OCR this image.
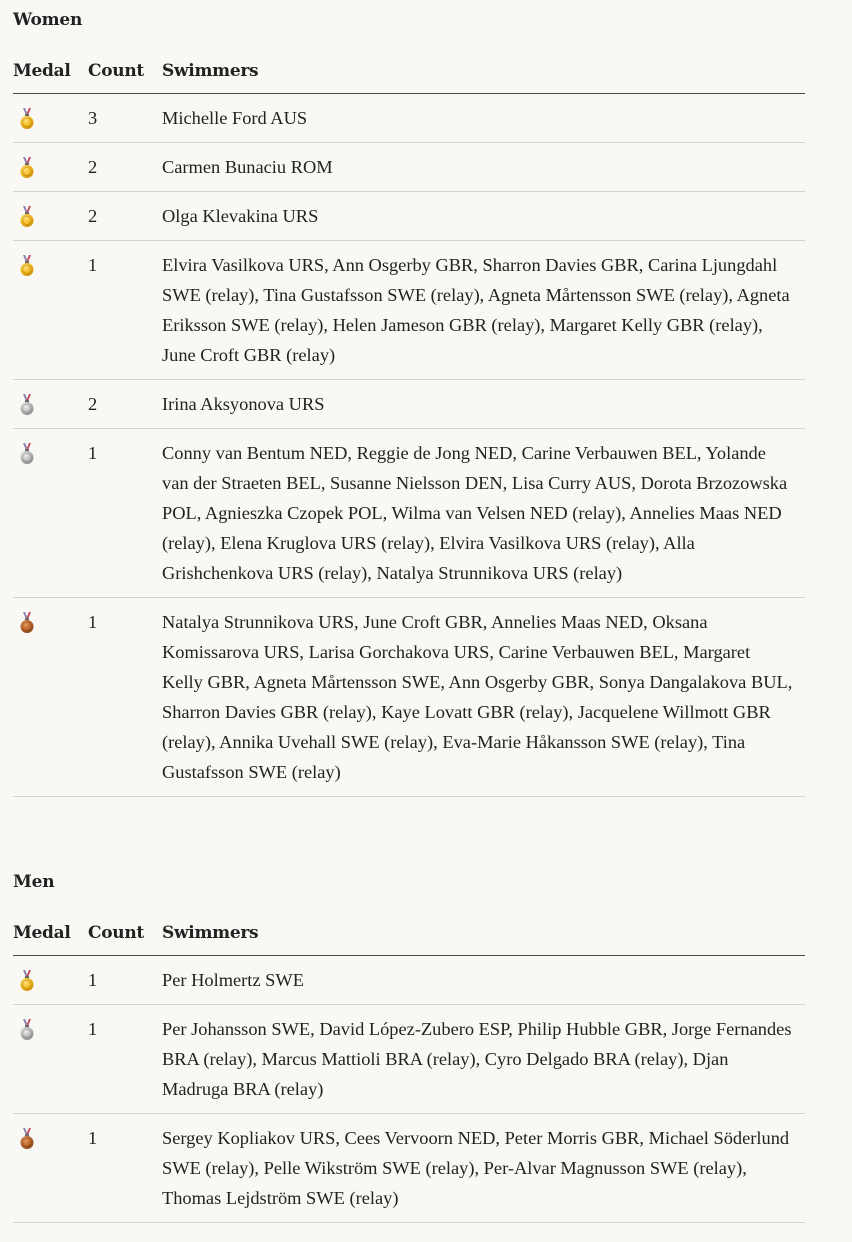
Women
Medal	Count	Swimmers
3	Michelle Ford AUS
2	Carmen Bunaciu ROM
2	Olga Klevakina URS
1	Elvira Vasilkova URS, Ann Osgerby GBR, Sharron Davies GBR, Carina Ljungdahl SWE (relay), Tina Gustafsson SWE (relay), Agneta Mårtensson SWE (relay), Agneta Eriksson SWE (relay), Helen Jameson GBR (relay), Margaret Kelly GBR (relay), June Croft GBR (relay)
2	Irina Aksyonova URS
1	Conny van Bentum NED, Reggie de Jong NED, Carine Verbauwen BEL, Yolande van der Straeten BEL, Susanne Nielsson DEN, Lisa Curry AUS, Dorota Brzozowska POL, Agnieszka Czopek POL, Wilma van Velsen NED (relay), Annelies Maas NED (relay), Elena Kruglova URS (relay), Elvira Vasilkova URS (relay), Alla Grishchenkova URS (relay), Natalya Strunnikova URS (relay)
1	Natalya Strunnikova URS, June Croft GBR, Annelies Maas NED, Oksana Komissarova URS, Larisa Gorchakova URS, Carine Verbauwen BEL, Margaret Kelly GBR, Agneta Mårtensson SWE, Ann Osgerby GBR, Sonya Dangalakova BUL, Sharron Davies GBR (relay), Kaye Lovatt GBR (relay), Jacquelene Willmott GBR (relay), Annika Uvehall SWE (relay), Eva-Marie Håkansson SWE (relay), Tina Gustafsson SWE (relay)
Men
Medal	Count	Swimmers
1	Per Holmertz SWE
1	Per Johansson SWE, David López-Zubero ESP, Philip Hubble GBR, Jorge Fernandes BRA (relay), Marcus Mattioli BRA (relay), Cyro Delgado BRA (relay), Djan Madruga BRA (relay)
1	Sergey Kopliakov URS, Cees Vervoorn NED, Peter Morris GBR, Michael Söderlund SWE (relay), Pelle Wikström SWE (relay), Per-Alvar Magnusson SWE (relay), Thomas Lejdström SWE (relay)
